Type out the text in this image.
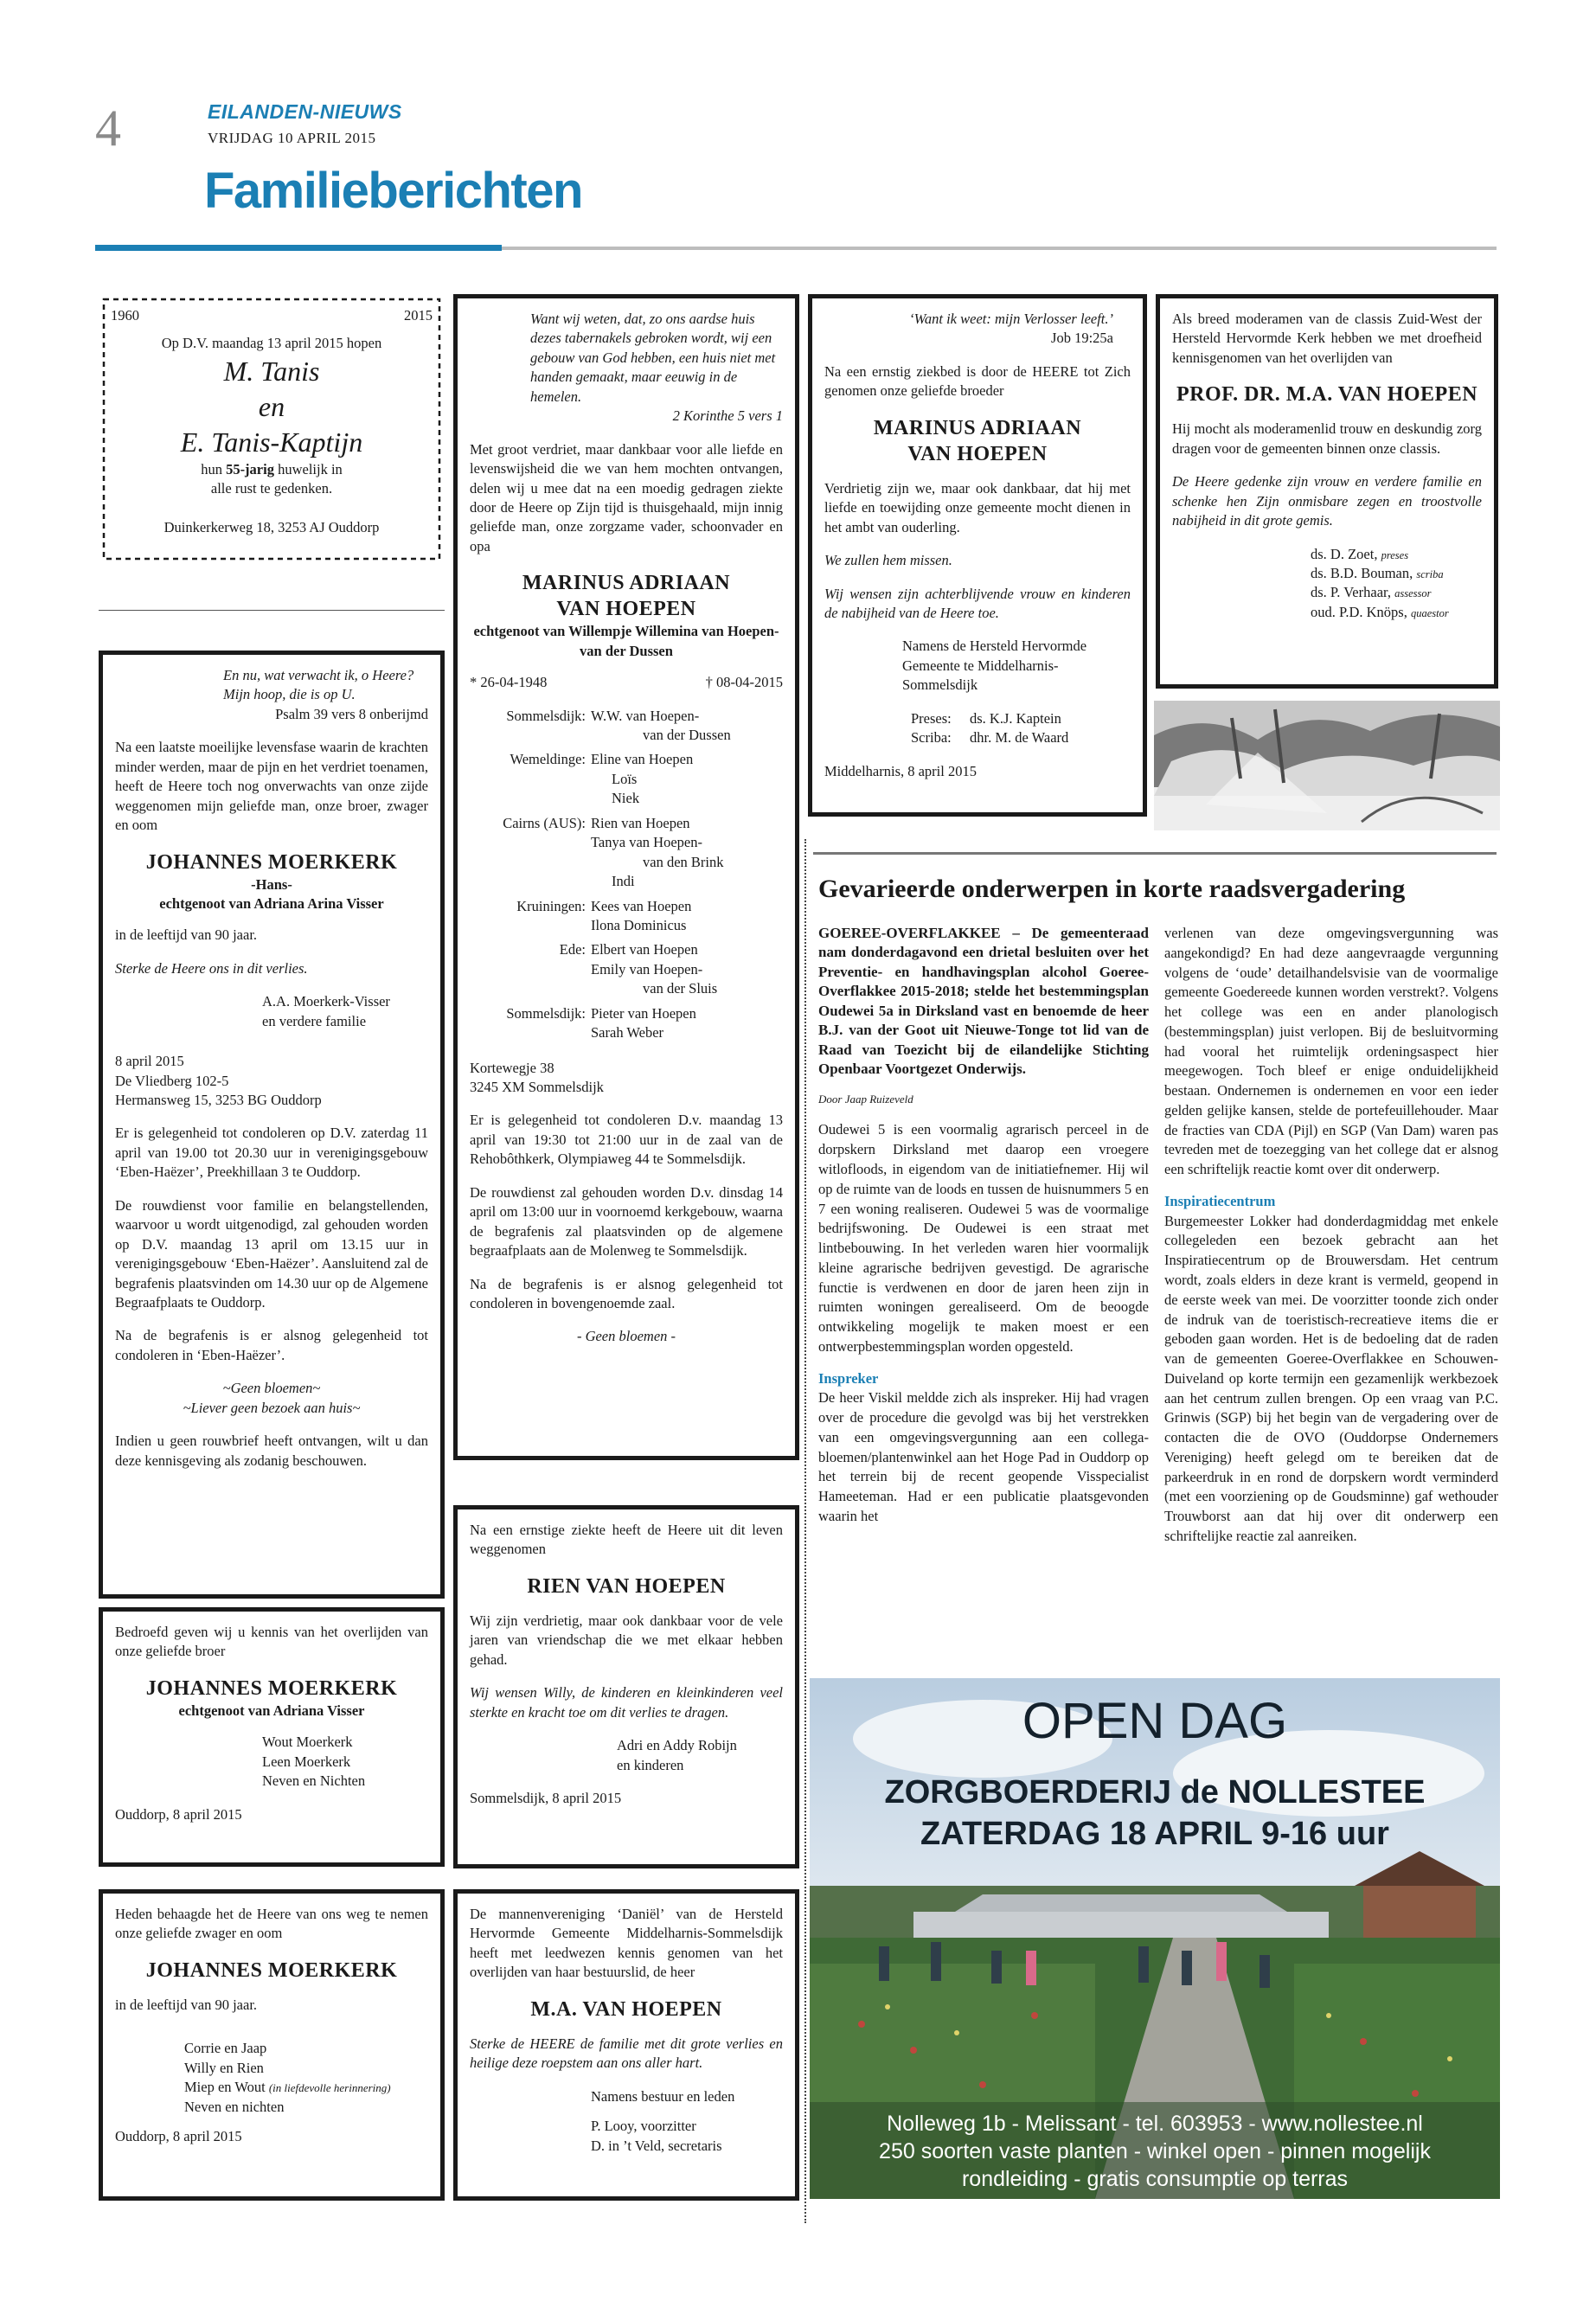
4	EILANDEN-NIEUWS
VRIJDAG 10 APRIL 2015
Familieberichten
1960	2015
Op D.V. maandag 13 april 2015 hopen
M. Tanis
en
E. Tanis-Kaptijn
hun 55-jarig huwelijk in
alle rust te gedenken.
Duinkerkerweg 18, 3253 AJ Ouddorp
En nu, wat verwacht ik, o Heere? Mijn hoop, die is op U.
Psalm 39 vers 8 onberijmd

Na een laatste moeilijke levensfase waarin de krachten minder werden, maar de pijn en het verdriet toenamen, heeft de Heere toch nog onverwachts van onze zijde weggenomen mijn geliefde man, onze broer, zwager en oom

JOHANNES MOERKERK
-Hans-
echtgenoot van Adriana Arina Visser

in de leeftijd van 90 jaar.

Sterke de Heere ons in dit verlies.

A.A. Moerkerk-Visser
en verdere familie
8 april 2015
De Vliedberg 102-5
Hermansweg 15, 3253 BG Ouddorp

Er is gelegenheid tot condoleren op D.V. zaterdag 11 april van 19.00 tot 20.30 uur in verenigingsgebouw ‘Eben-Haëzer’, Preekhillaan 3 te Ouddorp.

De rouwdienst voor familie en belangstellenden, waarvoor u wordt uitgenodigd, zal gehouden worden op D.V. maandag 13 april om 13.15 uur in verenigingsgebouw ‘Eben-Haëzer’. Aansluitend zal de begrafenis plaatsvinden om 14.30 uur op de Algemene Begraafplaats te Ouddorp.

Na de begrafenis is er alsnog gelegenheid tot condoleren in ‘Eben-Haëzer’.

~Geen bloemen~
~Liever geen bezoek aan huis~

Indien u geen rouwbrief heeft ontvangen, wilt u dan deze kennisgeving als zodanig beschouwen.

Bedroefd geven wij u kennis van het overlijden van onze geliefde broer

JOHANNES MOERKERK
echtgenoot van Adriana Visser
Wout Moerkerk
Leen Moerkerk
Neven en Nichten
Ouddorp, 8 april 2015

Heden behaagde het de Heere van ons weg te nemen onze geliefde zwager en oom

JOHANNES MOERKERK

in de leeftijd van 90 jaar.

Corrie en Jaap
Willy en Rien
Miep en Wout (in liefdevolle herinnering)
Neven en nichten
Ouddorp, 8 april 2015
Want wij weten, dat, zo ons aardse huis dezes tabernakels gebroken wordt, wij een gebouw van God hebben, een huis niet met handen gemaakt, maar eeuwig in de hemelen.
2 Korinthe 5 vers 1

Met groot verdriet, maar dankbaar voor alle liefde en levenswijsheid die we van hem mochten ontvangen, delen wij u mee dat na een moedig gedragen ziekte door de Heere op Zijn tijd is thuisgehaald, mijn innig geliefde man, onze zorgzame vader, schoonvader en opa

MARINUS ADRIAAN
VAN HOEPEN
echtgenoot van Willempje Willemina van Hoepen-van der Dussen
* 26-04-1948	† 08-04-2015
Sommelsdijk: W.W. van Hoepen-
van der Dussen
Wemeldinge: Eline van Hoepen
Loïs
Niek
Cairns (AUS): Rien van Hoepen
Tanya van Hoepen-
van den Brink
Indi
Kruiningen: Kees van Hoepen
Ilona Dominicus
Ede: Elbert van Hoepen
Emily van Hoepen-
van der Sluis
Sommelsdijk: Pieter van Hoepen
Sarah Weber
Kortewegje 38
3245 XM Sommelsdijk

Er is gelegenheid tot condoleren D.v. maandag 13 april van 19:30 tot 21:00 uur in de zaal van de Rehobôthkerk, Olympiaweg 44 te Sommelsdijk.

De rouwdienst zal gehouden worden D.v. dinsdag 14 april om 13:00 uur in voornoemd kerkgebouw, waarna de begrafenis zal plaatsvinden op de algemene begraafplaats aan de Molenweg te Sommelsdijk.

Na de begrafenis is er alsnog gelegenheid tot condoleren in bovengenoemde zaal.

- Geen bloemen -

Na een ernstige ziekte heeft de Heere uit dit leven weggenomen

RIEN VAN HOEPEN

Wij zijn verdrietig, maar ook dankbaar voor de vele jaren van vriendschap die we met elkaar hebben gehad.

Wij wensen Willy, de kinderen en kleinkinderen veel sterkte en kracht toe om dit verlies te dragen.

Adri en Addy Robijn
en kinderen
Sommelsdijk, 8 april 2015

De mannenvereniging ‘Daniël’ van de Hersteld Hervormde Gemeente Middelharnis-Sommelsdijk heeft met leedwezen kennis genomen van het overlijden van haar bestuurslid, de heer

M.A. VAN HOEPEN

Sterke de HEERE de familie met dit grote verlies en heilige deze roepstem aan ons aller hart.

Namens bestuur en leden
P. Looy, voorzitter
D. in ’t Veld, secretaris
‘Want ik weet: mijn Verlosser leeft.’
Job 19:25a

Na een ernstig ziekbed is door de HEERE tot Zich genomen onze geliefde broeder

MARINUS ADRIAAN
VAN HOEPEN

Verdrietig zijn we, maar ook dankbaar, dat hij met liefde en toewijding onze gemeente mocht dienen in het ambt van ouderling.

We zullen hem missen.

Wij wensen zijn achterblijvende vrouw en kinderen de nabijheid van de Heere toe.

Namens de Hersteld Hervormde
Gemeente te Middelharnis-
Sommelsdijk
Preses: ds. K.J. Kaptein
Scriba: dhr. M. de Waard
Middelharnis, 8 april 2015

Als breed moderamen van de classis Zuid-West der Hersteld Hervormde Kerk hebben we met droefheid kennisgenomen van het overlijden van

PROF. DR. M.A. VAN HOEPEN

Hij mocht als moderamenlid trouw en deskundig zorg dragen voor de gemeenten binnen onze classis.

De Heere gedenke zijn vrouw en verdere familie en schenke hen Zijn onmisbare zegen en troostvolle nabijheid in dit grote gemis.

ds. D. Zoet, preses
ds. B.D. Bouman, scriba
ds. P. Verhaar, assessor
oud. P.D. Knöps, quaestor
Gevarieerde onderwerpen in korte raadsvergadering
GOEREE-OVERFLAKKEE – De gemeenteraad nam donderdagavond een drietal besluiten over het Preventie- en handhavingsplan alcohol Goeree-Overflakkee 2015-2018; stelde het bestemmingsplan Oudewei 5a in Dirksland vast en benoemde de heer B.J. van der Goot uit Nieuwe-Tonge tot lid van de Raad van Toezicht bij de eilandelijke Stichting Openbaar Voortgezet Onderwijs.
Door Jaap Ruizeveld
Oudewei 5 is een voormalig agrarisch perceel in de dorpskern Dirksland met daarop een vroegere witlofloods, in eigendom van de initiatiefnemer. Hij wil op de ruimte van de loods en tussen de huisnummers 5 en 7 een woning realiseren. Oudewei 5 was de voormalige bedrijfswoning. De Oudewei is een straat met lintbebouwing. In het verleden waren hier voormalijk kleine agrarische bedrijven gevestigd. De agrarische functie is verdwenen en door de jaren heen zijn in ruimten woningen gerealiseerd. Om de beoogde ontwikkeling mogelijk te maken moest er een ontwerpbestemmingsplan worden opgesteld.
Inspreker
De heer Viskil meldde zich als inspreker. Hij had vragen over de procedure die gevolgd was bij het verstrekken van een omgevingsvergunning aan een collega-bloemen/plantenwinkel aan het Hoge Pad in Ouddorp op het terrein bij de recent geopende Visspecialist Hameeteman. Had er een publicatie plaatsgevonden waarin het
verlenen van deze omgevingsvergunning was aangekondigd? En had deze aangevraagde vergunning volgens de ‘oude’ detailhandelsvisie van de voormalige gemeente Goedereede kunnen worden verstrekt?. Volgens het college was een en ander planologisch (bestemmingsplan) juist verlopen. Bij de besluitvorming had vooral het ruimtelijk ordeningsaspect hier meegewogen. Toch bleef er enige onduidelijkheid bestaan. Ondernemen is ondernemen en voor een ieder gelden gelijke kansen, stelde de portefeuillehouder. Maar de fracties van CDA (Pijl) en SGP (Van Dam) waren pas tevreden met de toezegging van het college dat er alsnog een schriftelijk reactie komt over dit onderwerp.
Inspiratiecentrum
Burgemeester Lokker had donderdagmiddag met enkele collegeleden een bezoek gebracht aan het Inspiratiecentrum op de Brouwersdam. Het centrum wordt, zoals elders in deze krant is vermeld, geopend in de eerste week van mei. De voorzitter toonde zich onder de indruk van de toeristisch-recreatieve items die er geboden gaan worden. Het is de bedoeling dat de raden van de gemeenten Goeree-Overflakkee en Schouwen-Duiveland op korte termijn een gezamenlijk werkbezoek aan het centrum zullen brengen. Op een vraag van P.C. Grinwis (SGP) bij het begin van de vergadering over de contacten die de OVO (Ouddorpse Ondernemers Vereniging) heeft gelegd om te bereiken dat de parkeerdruk in en rond de dorpskern wordt verminderd (met een voorziening op de Goudsminne) gaf wethouder Trouwborst aan dat hij over dit onderwerp een schriftelijke reactie zal aanreiken.
OPEN DAG
ZORGBOERDERIJ de NOLLESTEE
ZATERDAG 18 APRIL 9-16 uur
Nolleweg 1b - Melissant - tel. 603953 - www.nollestee.nl
250 soorten vaste planten - winkel open - pinnen mogelijk
rondleiding - gratis consumptie op terras
